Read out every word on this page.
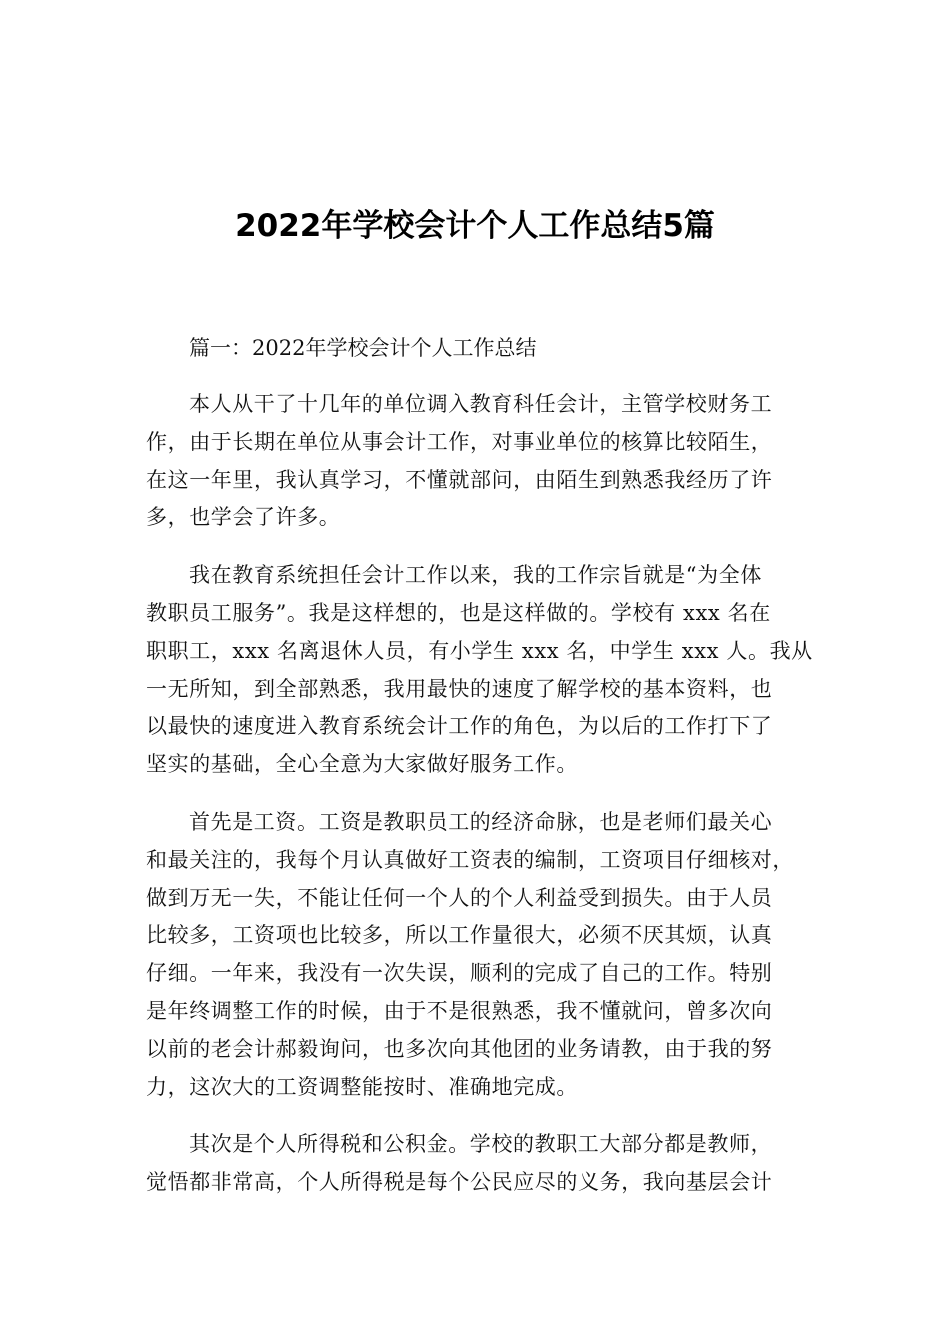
2022年学校会计个人工作总结5篇

篇一：2022年学校会计个人工作总结

本人从干了十几年的单位调入教育科任会计，主管学校财务工
作，由于长期在单位从事会计工作，对事业单位的核算比较陌生，
在这一年里，我认真学习，不懂就部问，由陌生到熟悉我经历了许
多，也学会了许多。

我在教育系统担任会计工作以来，我的工作宗旨就是“为全体
教职员工服务”。我是这样想的，也是这样做的。学校有 xxx 名在
职职工，xxx 名离退休人员，有小学生 xxx 名，中学生 xxx 人。我从
一无所知，到全部熟悉，我用最快的速度了解学校的基本资料，也
以最快的速度进入教育系统会计工作的角色，为以后的工作打下了
坚实的基础，全心全意为大家做好服务工作。

首先是工资。工资是教职员工的经济命脉，也是老师们最关心
和最关注的，我每个月认真做好工资表的编制，工资项目仔细核对，
做到万无一失，不能让任何一个人的个人利益受到损失。由于人员
比较多，工资项也比较多，所以工作量很大，必须不厌其烦，认真
仔细。一年来，我没有一次失误，顺利的完成了自己的工作。特别
是年终调整工作的时候，由于不是很熟悉，我不懂就问，曾多次向
以前的老会计郝毅询问，也多次向其他团的业务请教，由于我的努
力，这次大的工资调整能按时、准确地完成。

其次是个人所得税和公积金。学校的教职工大部分都是教师，
觉悟都非常高，个人所得税是每个公民应尽的义务，我向基层会计
